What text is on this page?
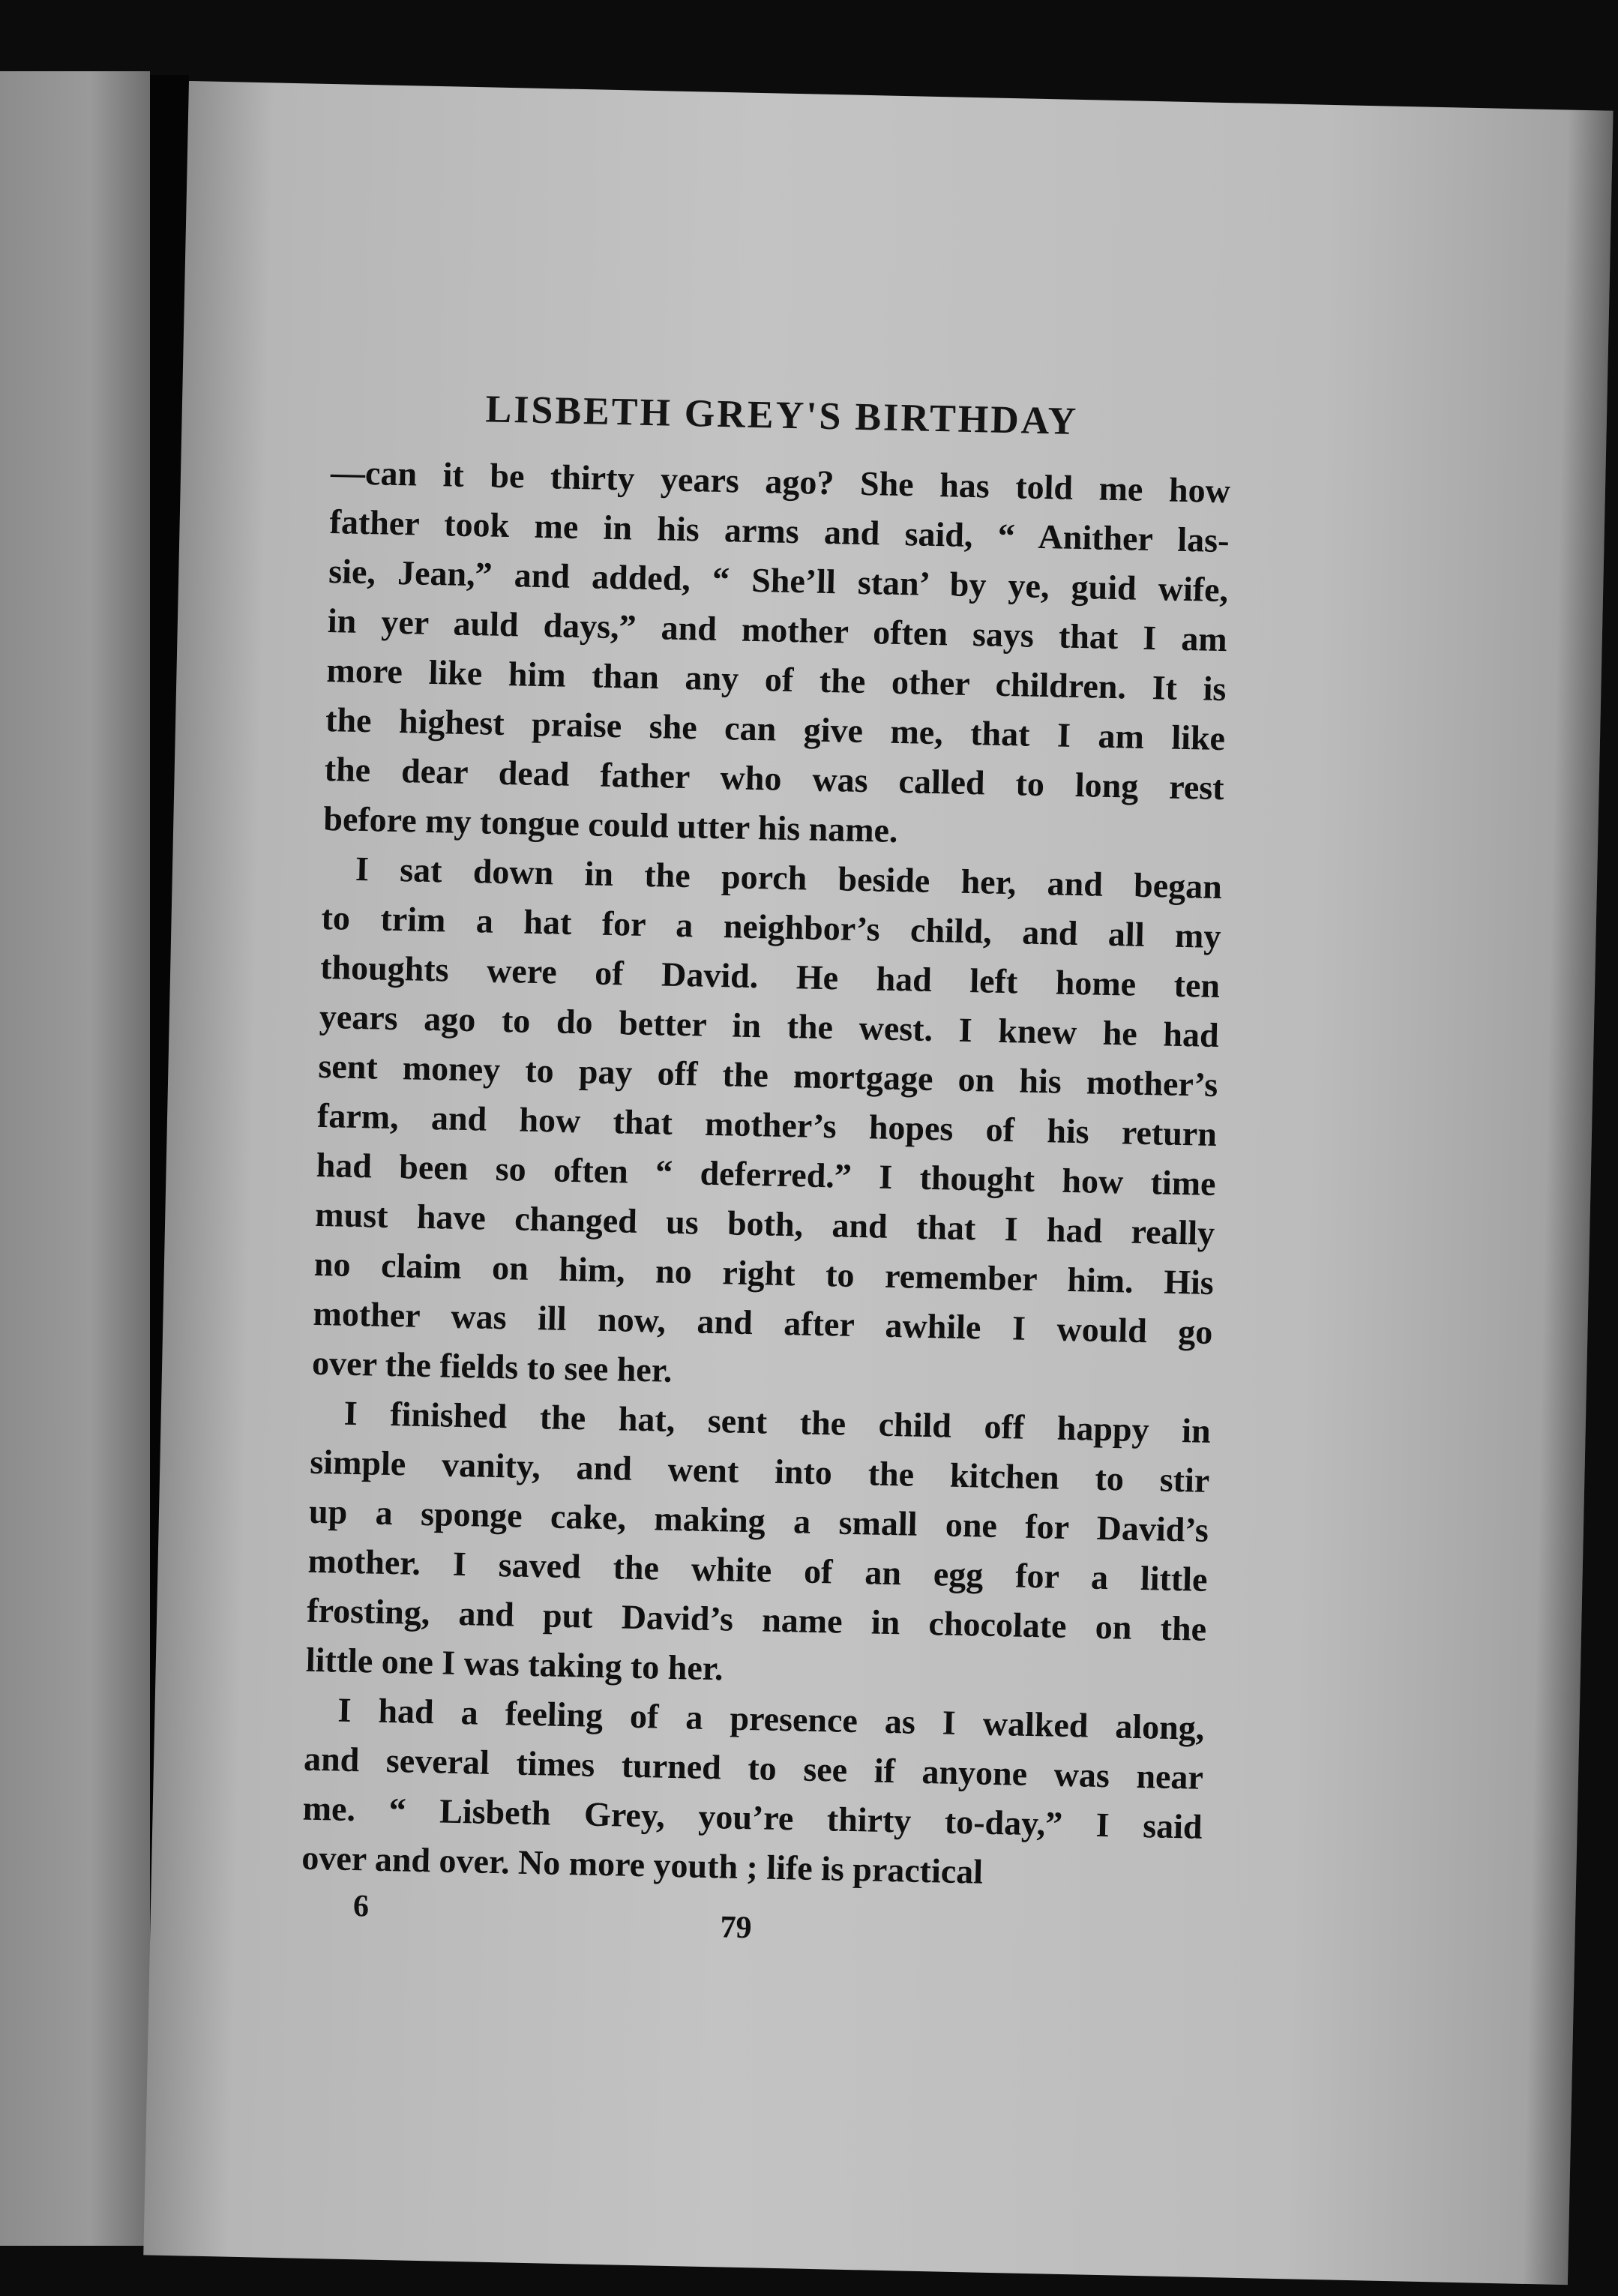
LISBETH GREY'S BIRTHDAY

—can it be thirty years ago? She has told me how
father took me in his arms and said, “ Anither las-
sie, Jean,” and added, “ She’ll stan’ by ye, guid wife,
in yer auld days,” and mother often says that I am
more like him than any of the other children. It is
the highest praise she can give me, that I am like
the dear dead father who was called to long rest
before my tongue could utter his name.

I sat down in the porch beside her, and began
to trim a hat for a neighbor’s child, and all my
thoughts were of David. He had left home ten
years ago to do better in the west. I knew he had
sent money to pay off the mortgage on his mother’s
farm, and how that mother’s hopes of his return
had been so often “ deferred.” I thought how time
must have changed us both, and that I had really
no claim on him, no right to remember him. His
mother was ill now, and after awhile I would go
over the fields to see her.

I finished the hat, sent the child off happy in
simple vanity, and went into the kitchen to stir
up a sponge cake, making a small one for David’s
mother. I saved the white of an egg for a little
frosting, and put David’s name in chocolate on the
little one I was taking to her.

I had a feeling of a presence as I walked along,
and several times turned to see if anyone was near
me. “ Lisbeth Grey, you’re thirty to-day,” I said
over and over. No more youth ; life is practical

6
79
